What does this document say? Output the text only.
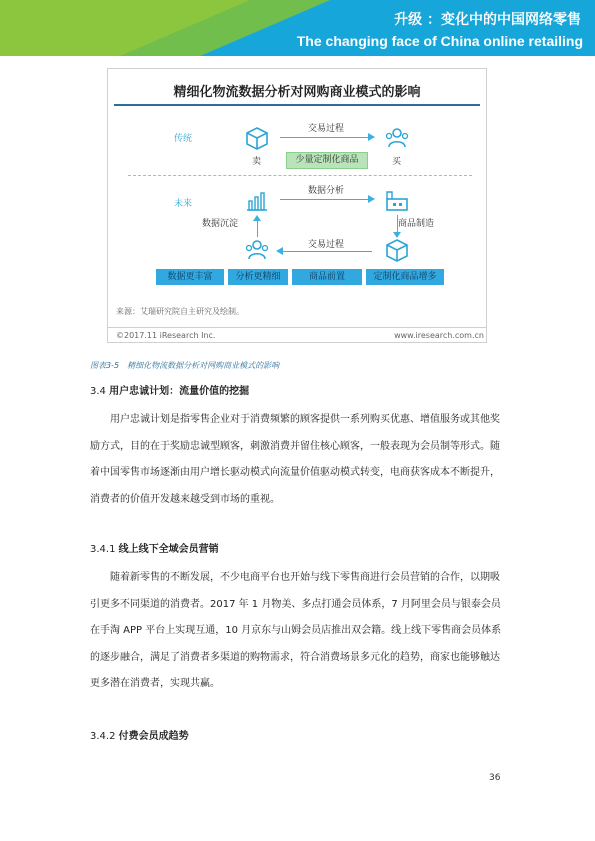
升级 ：变化中的中国网络零售
The changing face of China online retailing
精细化物流数据分析对网购商业模式的影响
传统
卖
交易过程
买
少量定制化商品
未来
数据分析
数据沉淀	商品制造
交易过程
数据更丰富	分析更精细	商品前置	定制化商品增多
来源：艾瑞研究院自主研究及绘制。
©2017.11 iResearch Inc.	www.iresearch.com.cn
图表3-5　精细化物流数据分析对网购商业模式的影响
3.4 用户忠诚计划：流量价值的挖掘
用户忠诚计划是指零售企业对于消费频繁的顾客提供一系列购买优惠、增值服务或其他奖励方式，目的在于奖励忠诚型顾客，刺激消费并留住核心顾客，一般表现为会员制等形式。随着中国零售市场逐渐由用户增长驱动模式向流量价值驱动模式转变，电商获客成本不断提升，消费者的价值开发越来越受到市场的重视。
3.4.1 线上线下全域会员营销
随着新零售的不断发展，不少电商平台也开始与线下零售商进行会员营销的合作，以期吸引更多不同渠道的消费者。2017 年 1 月物美、多点打通会员体系，7 月阿里会员与银泰会员在手淘 APP 平台上实现互通，10 月京东与山姆会员店推出双会籍。线上线下零售商会员体系的逐步融合，满足了消费者多渠道的购物需求，符合消费场景多元化的趋势，商家也能够触达更多潜在消费者，实现共赢。
3.4.2 付费会员成趋势
36
